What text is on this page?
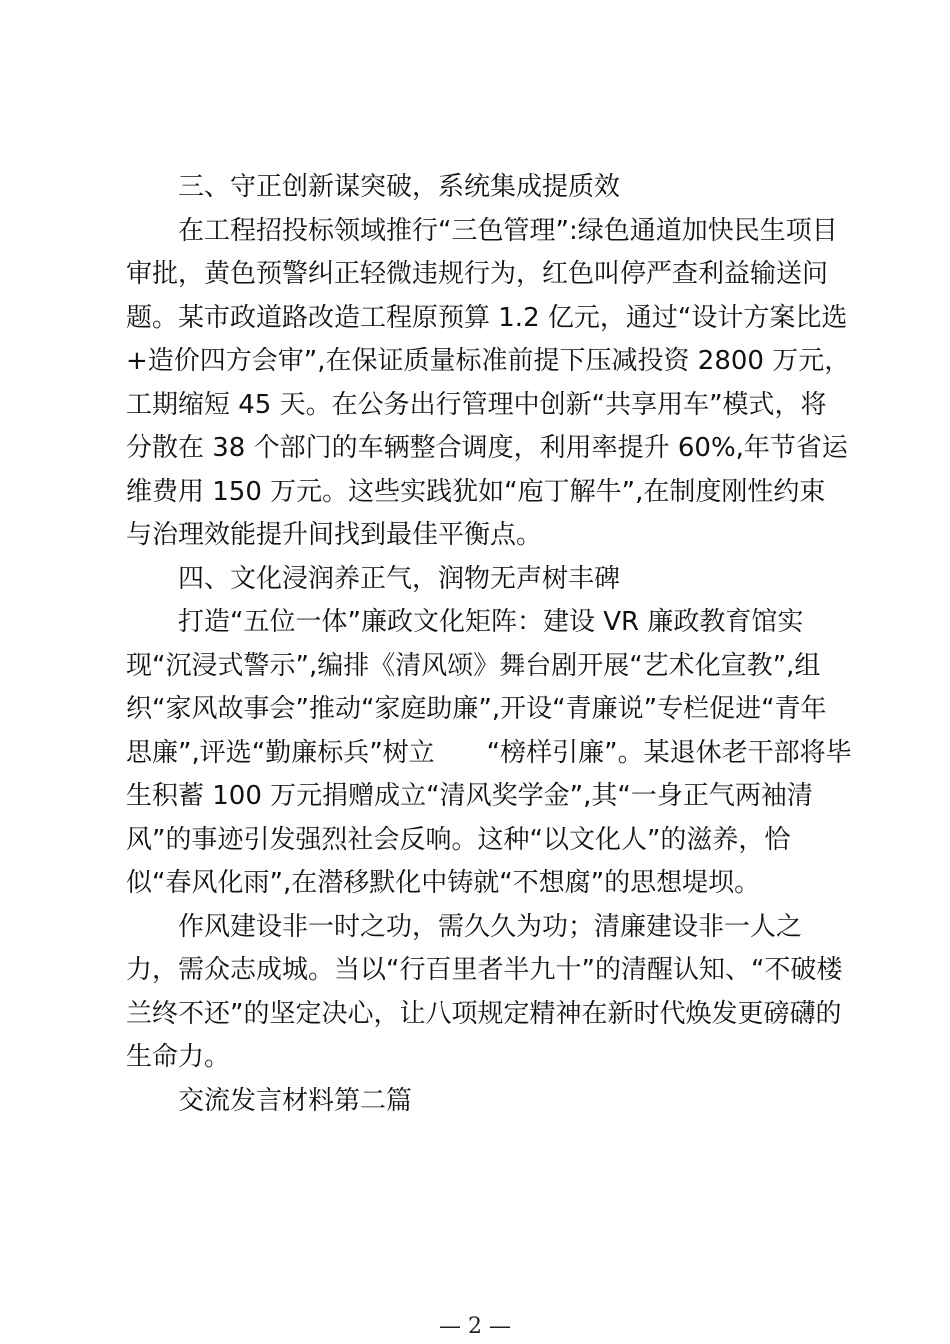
三、守正创新谋突破，系统集成提质效

在工程招投标领域推行“三色管理”:绿色通道加快民生项目
审批，黄色预警纠正轻微违规行为，红色叫停严查利益输送问
题。某市政道路改造工程原预算 1.2 亿元，通过“设计方案比选
+造价四方会审”,在保证质量标准前提下压减投资 2800 万元，
工期缩短 45 天。在公务出行管理中创新“共享用车”模式，将
分散在 38 个部门的车辆整合调度，利用率提升 60%,年节省运
维费用 150 万元。这些实践犹如“庖丁解牛”,在制度刚性约束
与治理效能提升间找到最佳平衡点。

四、文化浸润养正气，润物无声树丰碑

打造“五位一体”廉政文化矩阵：建设 VR 廉政教育馆实
现“沉浸式警示”,编排《清风颂》舞台剧开展“艺术化宣教”,组
织“家风故事会”推动“家庭助廉”,开设“青廉说”专栏促进“青年
思廉”,评选“勤廉标兵”树立　　“榜样引廉”。某退休老干部将毕
生积蓄 100 万元捐赠成立“清风奖学金”,其“一身正气两袖清
风”的事迹引发强烈社会反响。这种“以文化人”的滋养，恰
似“春风化雨”,在潜移默化中铸就“不想腐”的思想堤坝。

作风建设非一时之功，需久久为功；清廉建设非一人之
力，需众志成城。当以“行百里者半九十”的清醒认知、“不破楼
兰终不还”的坚定决心，让八项规定精神在新时代焕发更磅礴的
生命力。

交流发言材料第二篇

— 2 —
